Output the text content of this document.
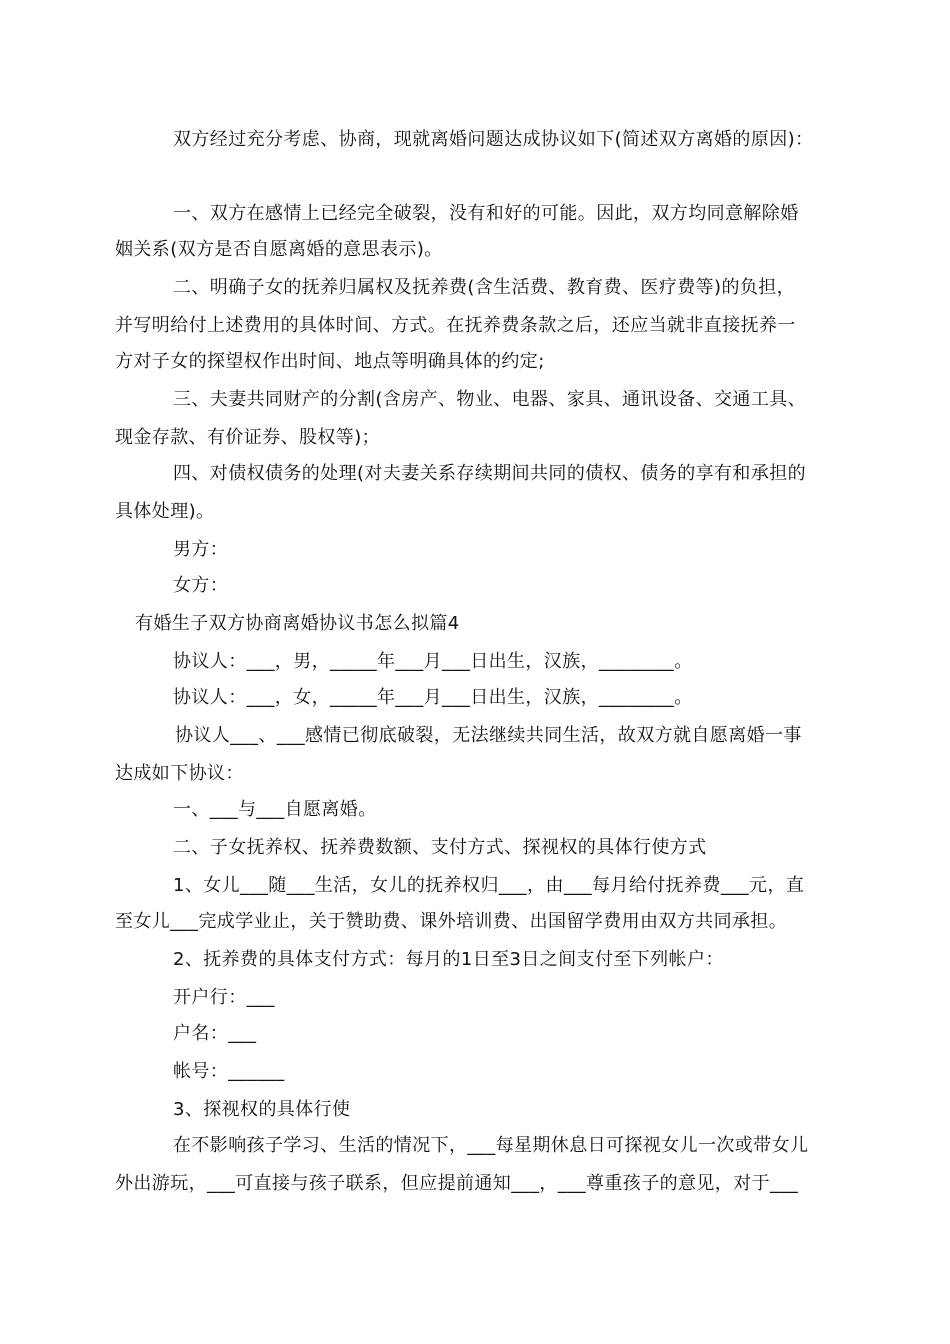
双方经过充分考虑、协商，现就离婚问题达成协议如下(简述双方离婚的原因)：
一、双方在感情上已经完全破裂，没有和好的可能。因此，双方均同意解除婚
姻关系(双方是否自愿离婚的意思表示)。
二、明确子女的抚养归属权及抚养费(含生活费、教育费、医疗费等)的负担，
并写明给付上述费用的具体时间、方式。在抚养费条款之后，还应当就非直接抚养一
方对子女的探望权作出时间、地点等明确具体的约定;
三、夫妻共同财产的分割(含房产、物业、电器、家具、通讯设备、交通工具、
现金存款、有价证券、股权等)；
四、对债权债务的处理(对夫妻关系存续期间共同的债权、债务的享有和承担的
具体处理)。
男方：
女方：
有婚生子双方协商离婚协议书怎么拟篇4
协议人：___，男，_____年___月___日出生，汉族，________。
协议人：___，女，_____年___月___日出生，汉族，________。
协议人___、___感情已彻底破裂，无法继续共同生活，故双方就自愿离婚一事
达成如下协议：
一、___与___自愿离婚。
二、子女抚养权、抚养费数额、支付方式、探视权的具体行使方式
1、女儿___随___生活，女儿的抚养权归___，由___每月给付抚养费___元，直
至女儿___完成学业止，关于赞助费、课外培训费、出国留学费用由双方共同承担。
2、抚养费的具体支付方式：每月的1日至3日之间支付至下列帐户：
开户行：___
户名：___
帐号：______
3、探视权的具体行使
在不影响孩子学习、生活的情况下，___每星期休息日可探视女儿一次或带女儿
外出游玩，___可直接与孩子联系，但应提前通知___，___尊重孩子的意见，对于___
